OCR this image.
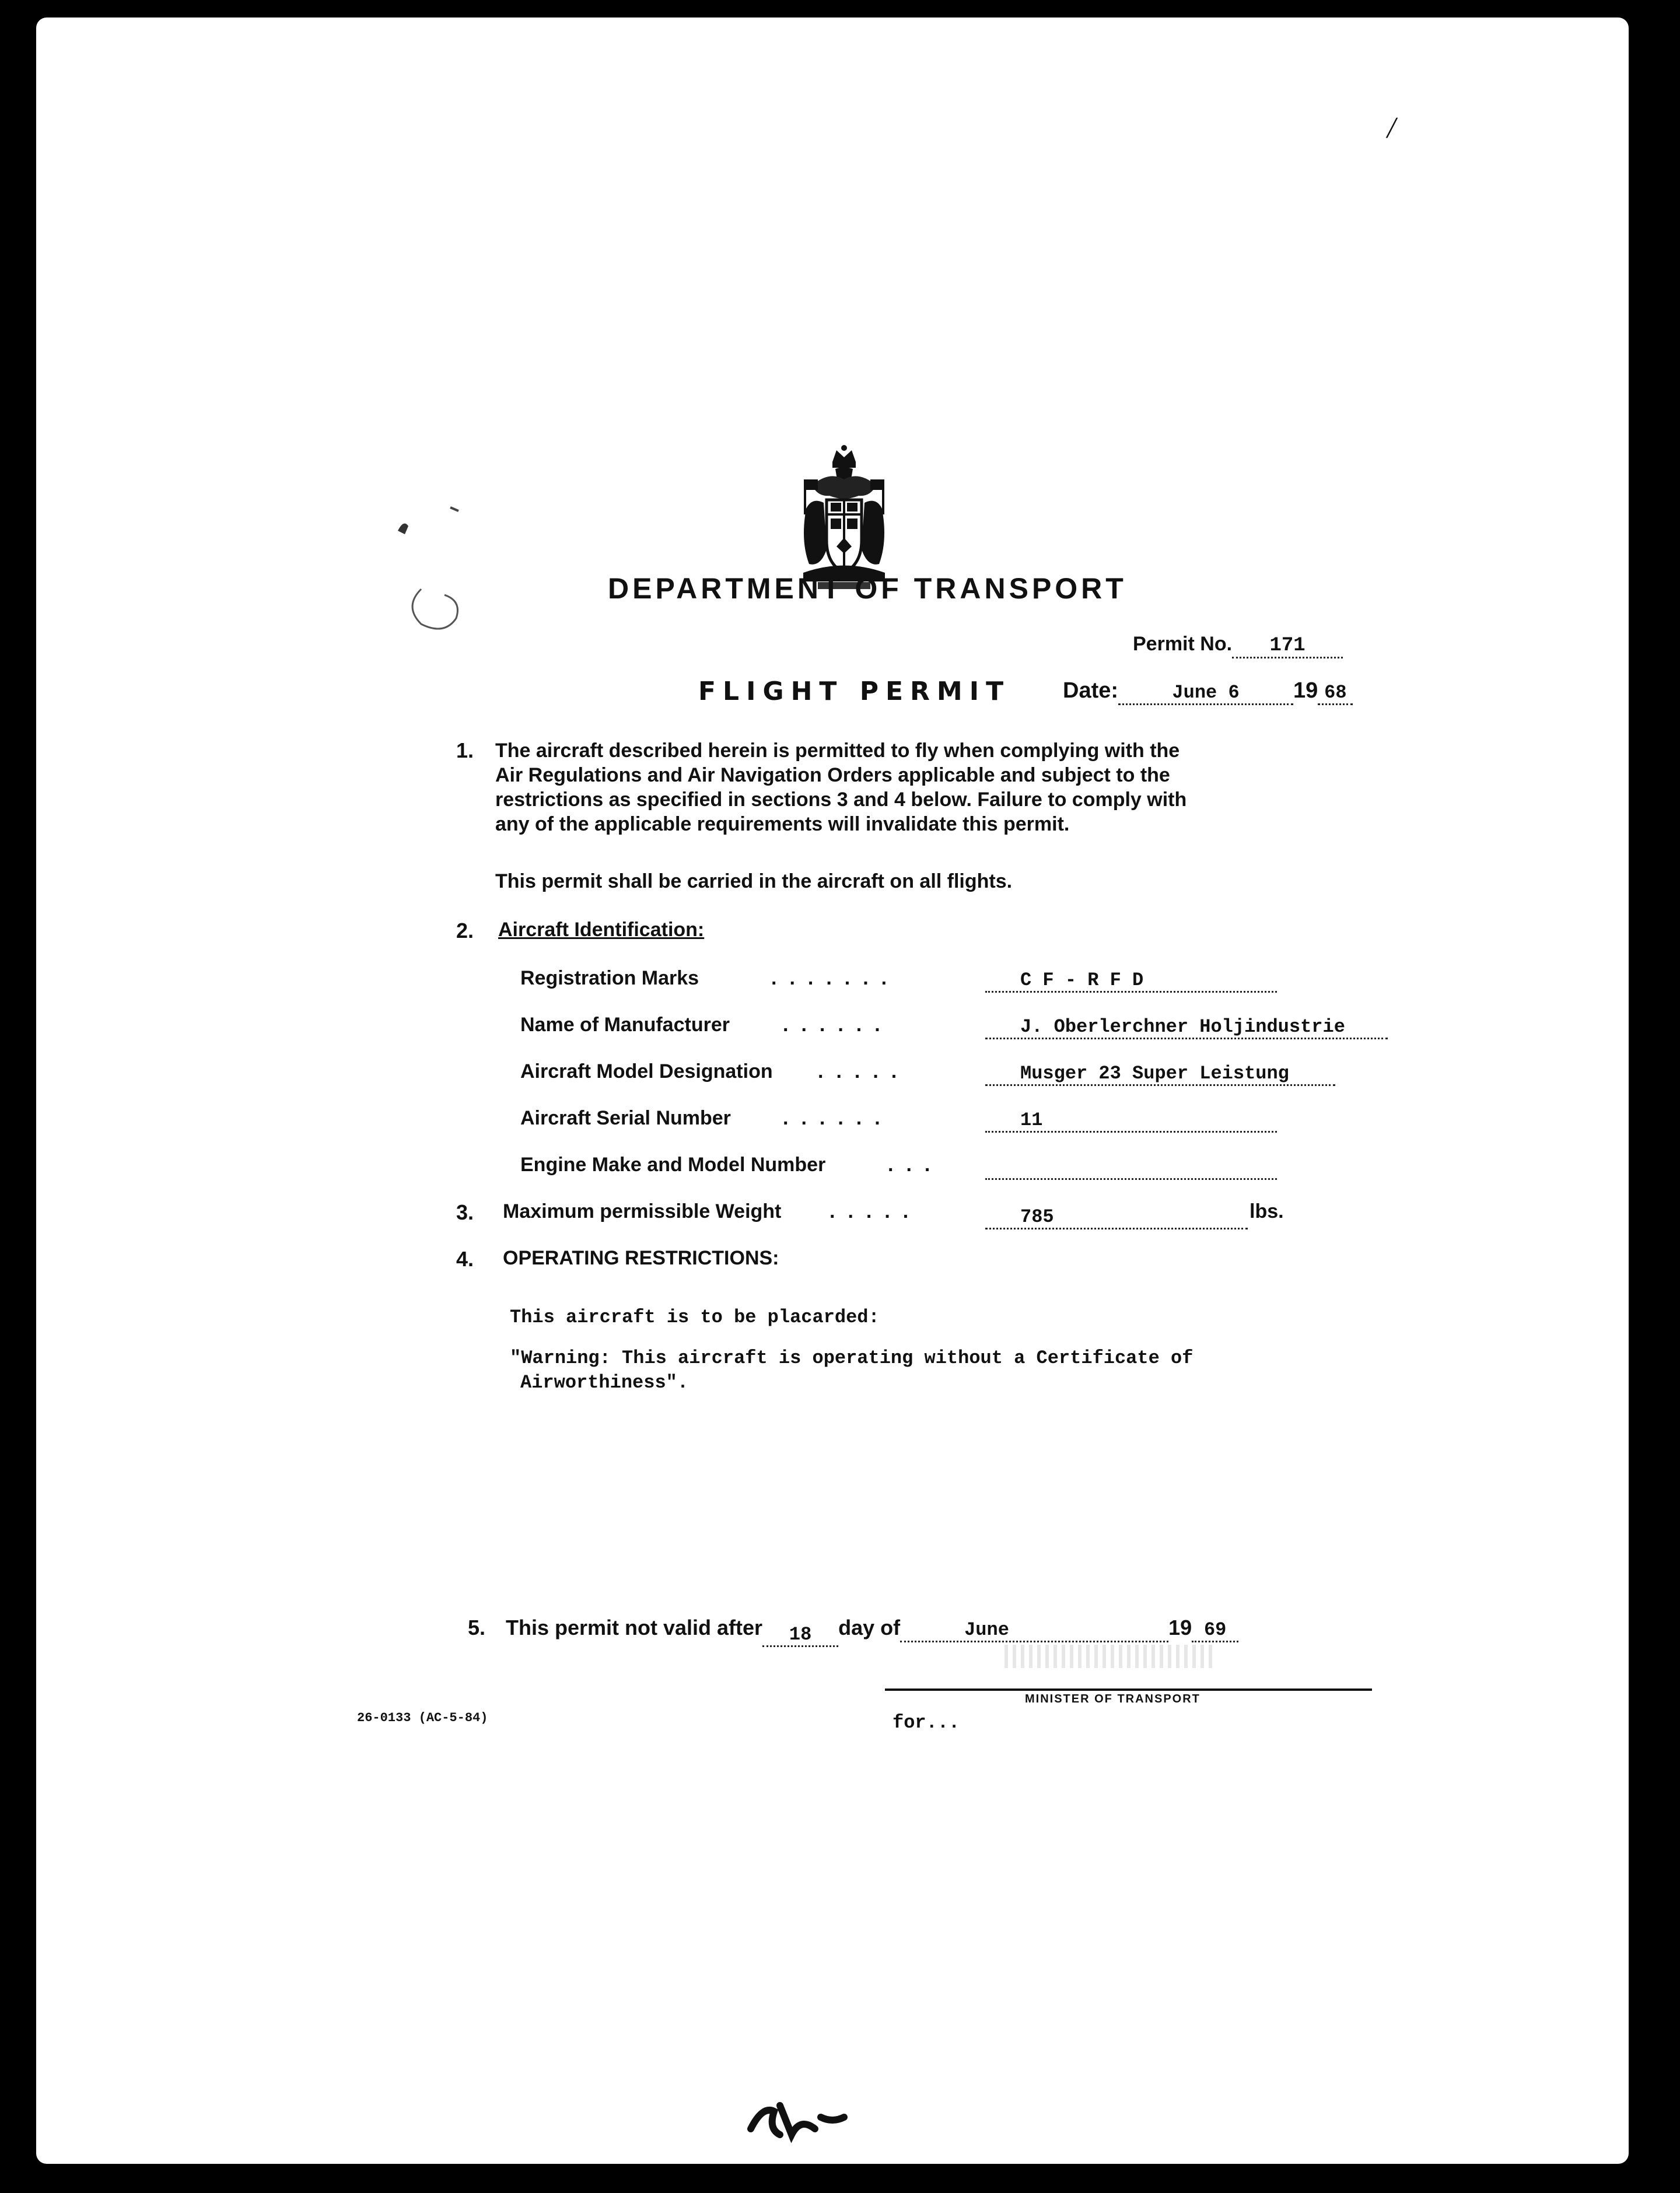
/
DEPARTMENT OF TRANSPORT
Permit No. 171
FLIGHT PERMIT Date:	June 6 19 68
1. The aircraft described herein is permitted to fly when complying with the
Air Regulations and Air Navigation Orders applicable and subject to the
restrictions as specified in sections 3 and 4 below. Failure to comply with
any of the applicable requirements will invalidate this permit.
This permit shall be carried in the aircraft on all flights.
2. Aircraft Identification:
Registration Marks	.......	C F - R F D
Name of Manufacturer	......	J. Oberlerchner Holjindustrie
Aircraft Model Designation .....	Musger 23 Super Leistung
Aircraft Serial Number	......	11
Engine Make and Model Number	...
3. Maximum permissible Weight .....	785	lbs.
4. OPERATING RESTRICTIONS:
This aircraft is to be placarded:
"Warning: This aircraft is operating without a Certificate of
Airworthiness".
5. This permit not valid after 18 day of	June	19 69
MINISTER OF TRANSPORT
26-0133 (AC-5-84)	for...
